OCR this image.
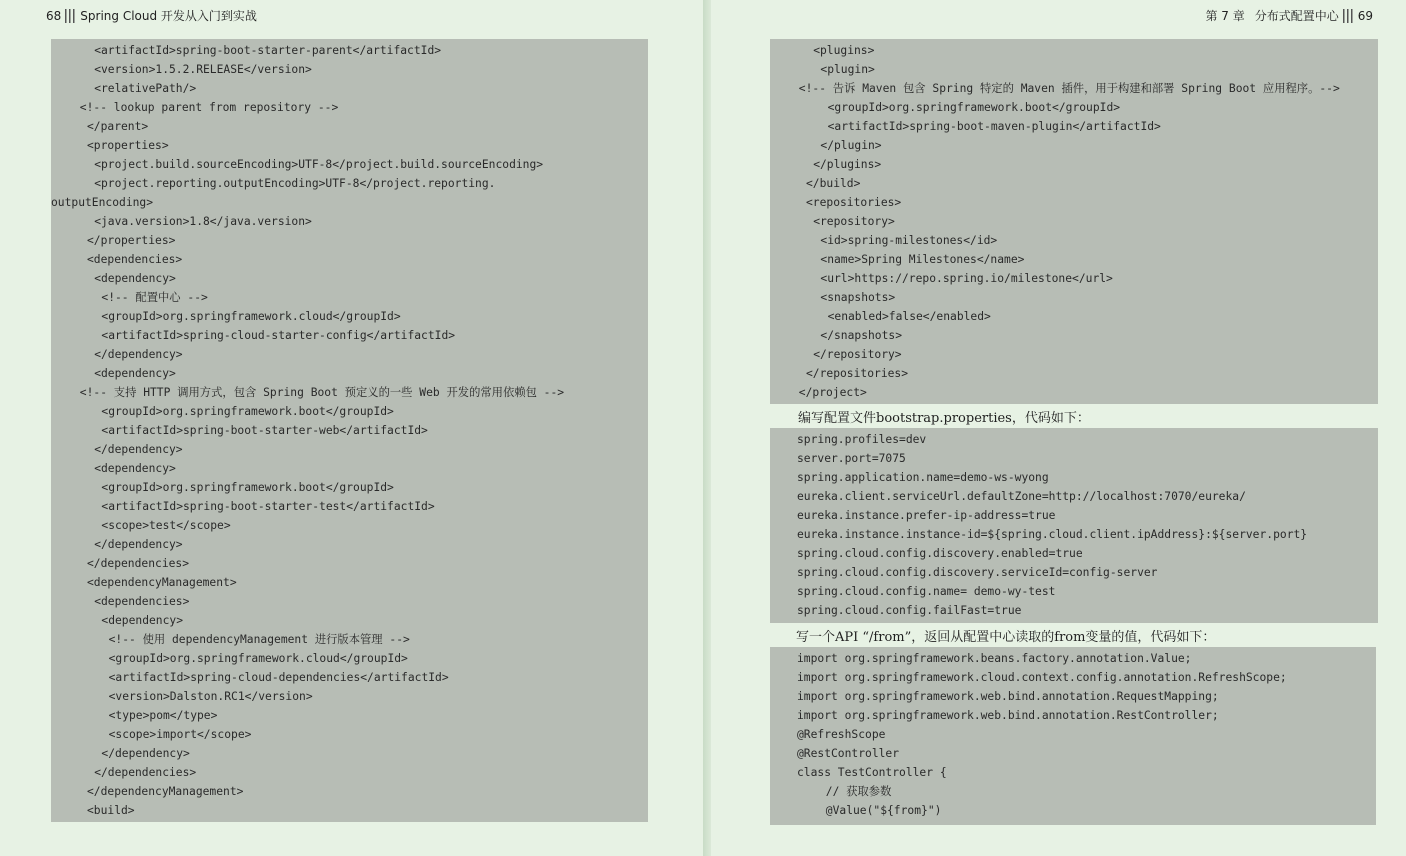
68 Spring Cloud 开发从入门到实战
<artifactId>spring-boot-starter-parent</artifactId>
<version>1.5.2.RELEASE</version>
<relativePath/>
<!-- lookup parent from repository -->
</parent>
<properties>
<project.build.sourceEncoding>UTF-8</project.build.sourceEncoding>
<project.reporting.outputEncoding>UTF-8</project.reporting.
outputEncoding>
<java.version>1.8</java.version>
</properties>
<dependencies>
<dependency>
<!-- 配置中心 -->
<groupId>org.springframework.cloud</groupId>
<artifactId>spring-cloud-starter-config</artifactId>
</dependency>
<dependency>
<!-- 支持 HTTP 调用方式，包含 Spring Boot 预定义的一些 Web 开发的常用依赖包 -->
<groupId>org.springframework.boot</groupId>
<artifactId>spring-boot-starter-web</artifactId>
</dependency>
<dependency>
<groupId>org.springframework.boot</groupId>
<artifactId>spring-boot-starter-test</artifactId>
<scope>test</scope>
</dependency>
</dependencies>
<dependencyManagement>
<dependencies>
<dependency>
<!-- 使用 dependencyManagement 进行版本管理 -->
<groupId>org.springframework.cloud</groupId>
<artifactId>spring-cloud-dependencies</artifactId>
<version>Dalston.RC1</version>
<type>pom</type>
<scope>import</scope>
</dependency>
</dependencies>
</dependencyManagement>
<build>
第 7 章 分布式配置中心 69
<plugins>
<plugin>
<!-- 告诉 Maven 包含 Spring 特定的 Maven 插件，用于构建和部署 Spring Boot 应用程序。-->
<groupId>org.springframework.boot</groupId>
<artifactId>spring-boot-maven-plugin</artifactId>
</plugin>
</plugins>
</build>
<repositories>
<repository>
<id>spring-milestones</id>
<name>Spring Milestones</name>
<url>https://repo.spring.io/milestone</url>
<snapshots>
<enabled>false</enabled>
</snapshots>
</repository>
</repositories>
</project>
编写配置文件bootstrap.properties，代码如下：
spring.profiles=dev
server.port=7075
spring.application.name=demo-ws-wyong
eureka.client.serviceUrl.defaultZone=http://localhost:7070/eureka/
eureka.instance.prefer-ip-address=true
eureka.instance.instance-id=${spring.cloud.client.ipAddress}:${server.port}
spring.cloud.config.discovery.enabled=true
spring.cloud.config.discovery.serviceId=config-server
spring.cloud.config.name= demo-wy-test
spring.cloud.config.failFast=true
写一个API “/from”，返回从配置中心读取的from变量的值，代码如下：
import org.springframework.beans.factory.annotation.Value;
import org.springframework.cloud.context.config.annotation.RefreshScope;
import org.springframework.web.bind.annotation.RequestMapping;
import org.springframework.web.bind.annotation.RestController;
@RefreshScope
@RestController
class TestController {
// 获取参数
@Value("${from}")
